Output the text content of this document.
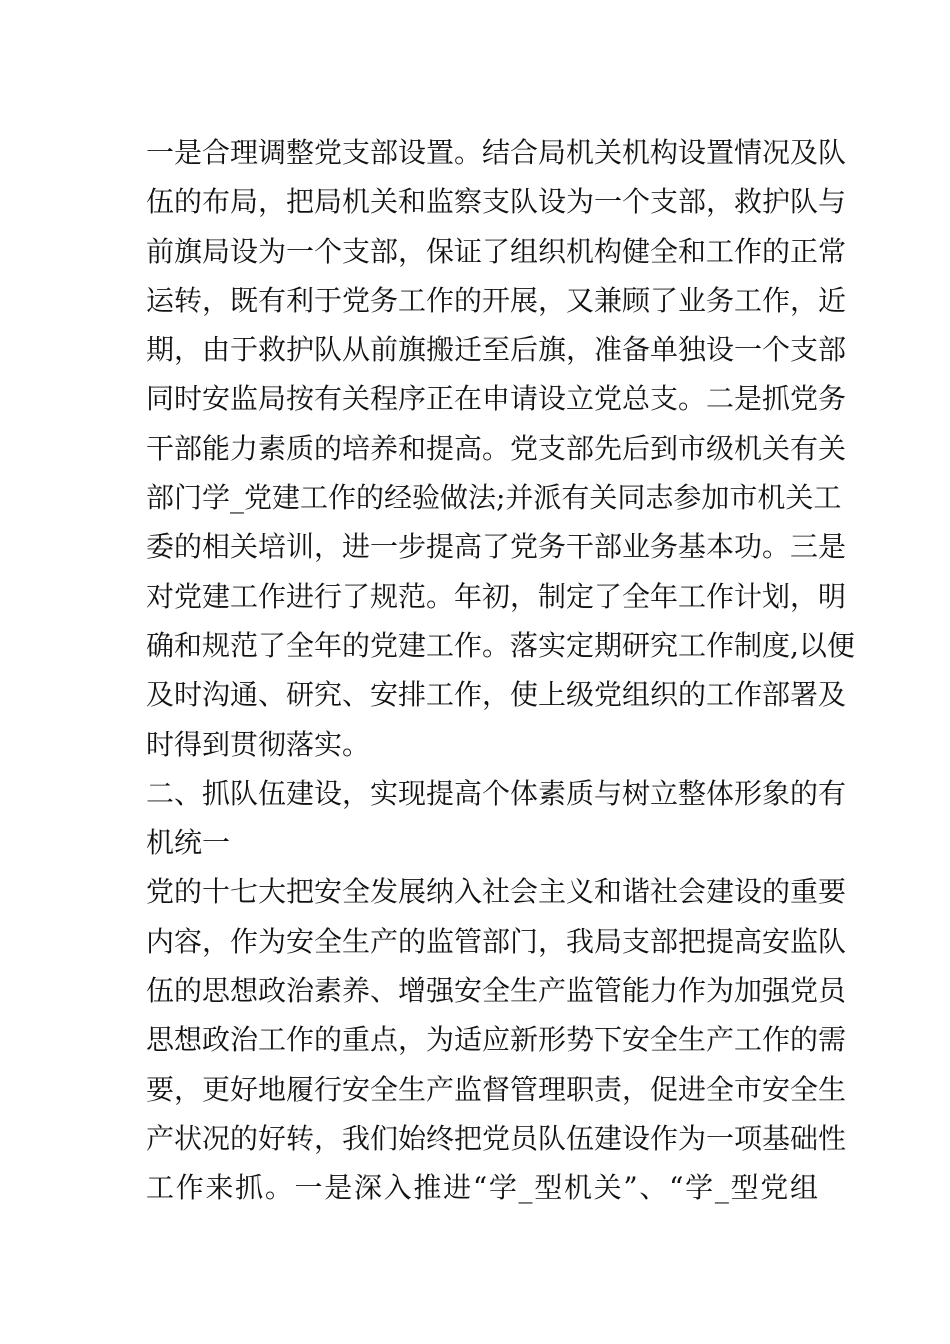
一是合理调整党支部设置。结合局机关机构设置情况及队
伍的布局，把局机关和监察支队设为一个支部，救护队与
前旗局设为一个支部，保证了组织机构健全和工作的正常
运转，既有利于党务工作的开展，又兼顾了业务工作，近
期，由于救护队从前旗搬迁至后旗，准备单独设一个支部
同时安监局按有关程序正在申请设立党总支。二是抓党务
干部能力素质的培养和提高。党支部先后到市级机关有关
部门学_党建工作的经验做法;并派有关同志参加市机关工
委的相关培训，进一步提高了党务干部业务基本功。三是
对党建工作进行了规范。年初，制定了全年工作计划，明
确和规范了全年的党建工作。落实定期研究工作制度,以便
及时沟通、研究、安排工作，使上级党组织的工作部署及
时得到贯彻落实。
二、抓队伍建设，实现提高个体素质与树立整体形象的有
机统一
党的十七大把安全发展纳入社会主义和谐社会建设的重要
内容，作为安全生产的监管部门，我局支部把提高安监队
伍的思想政治素养、增强安全生产监管能力作为加强党员
思想政治工作的重点，为适应新形势下安全生产工作的需
要，更好地履行安全生产监督管理职责，促进全市安全生
产状况的好转，我们始终把党员队伍建设作为一项基础性
工作来抓。一是深入推进“学_型机关”、“学_型党组
